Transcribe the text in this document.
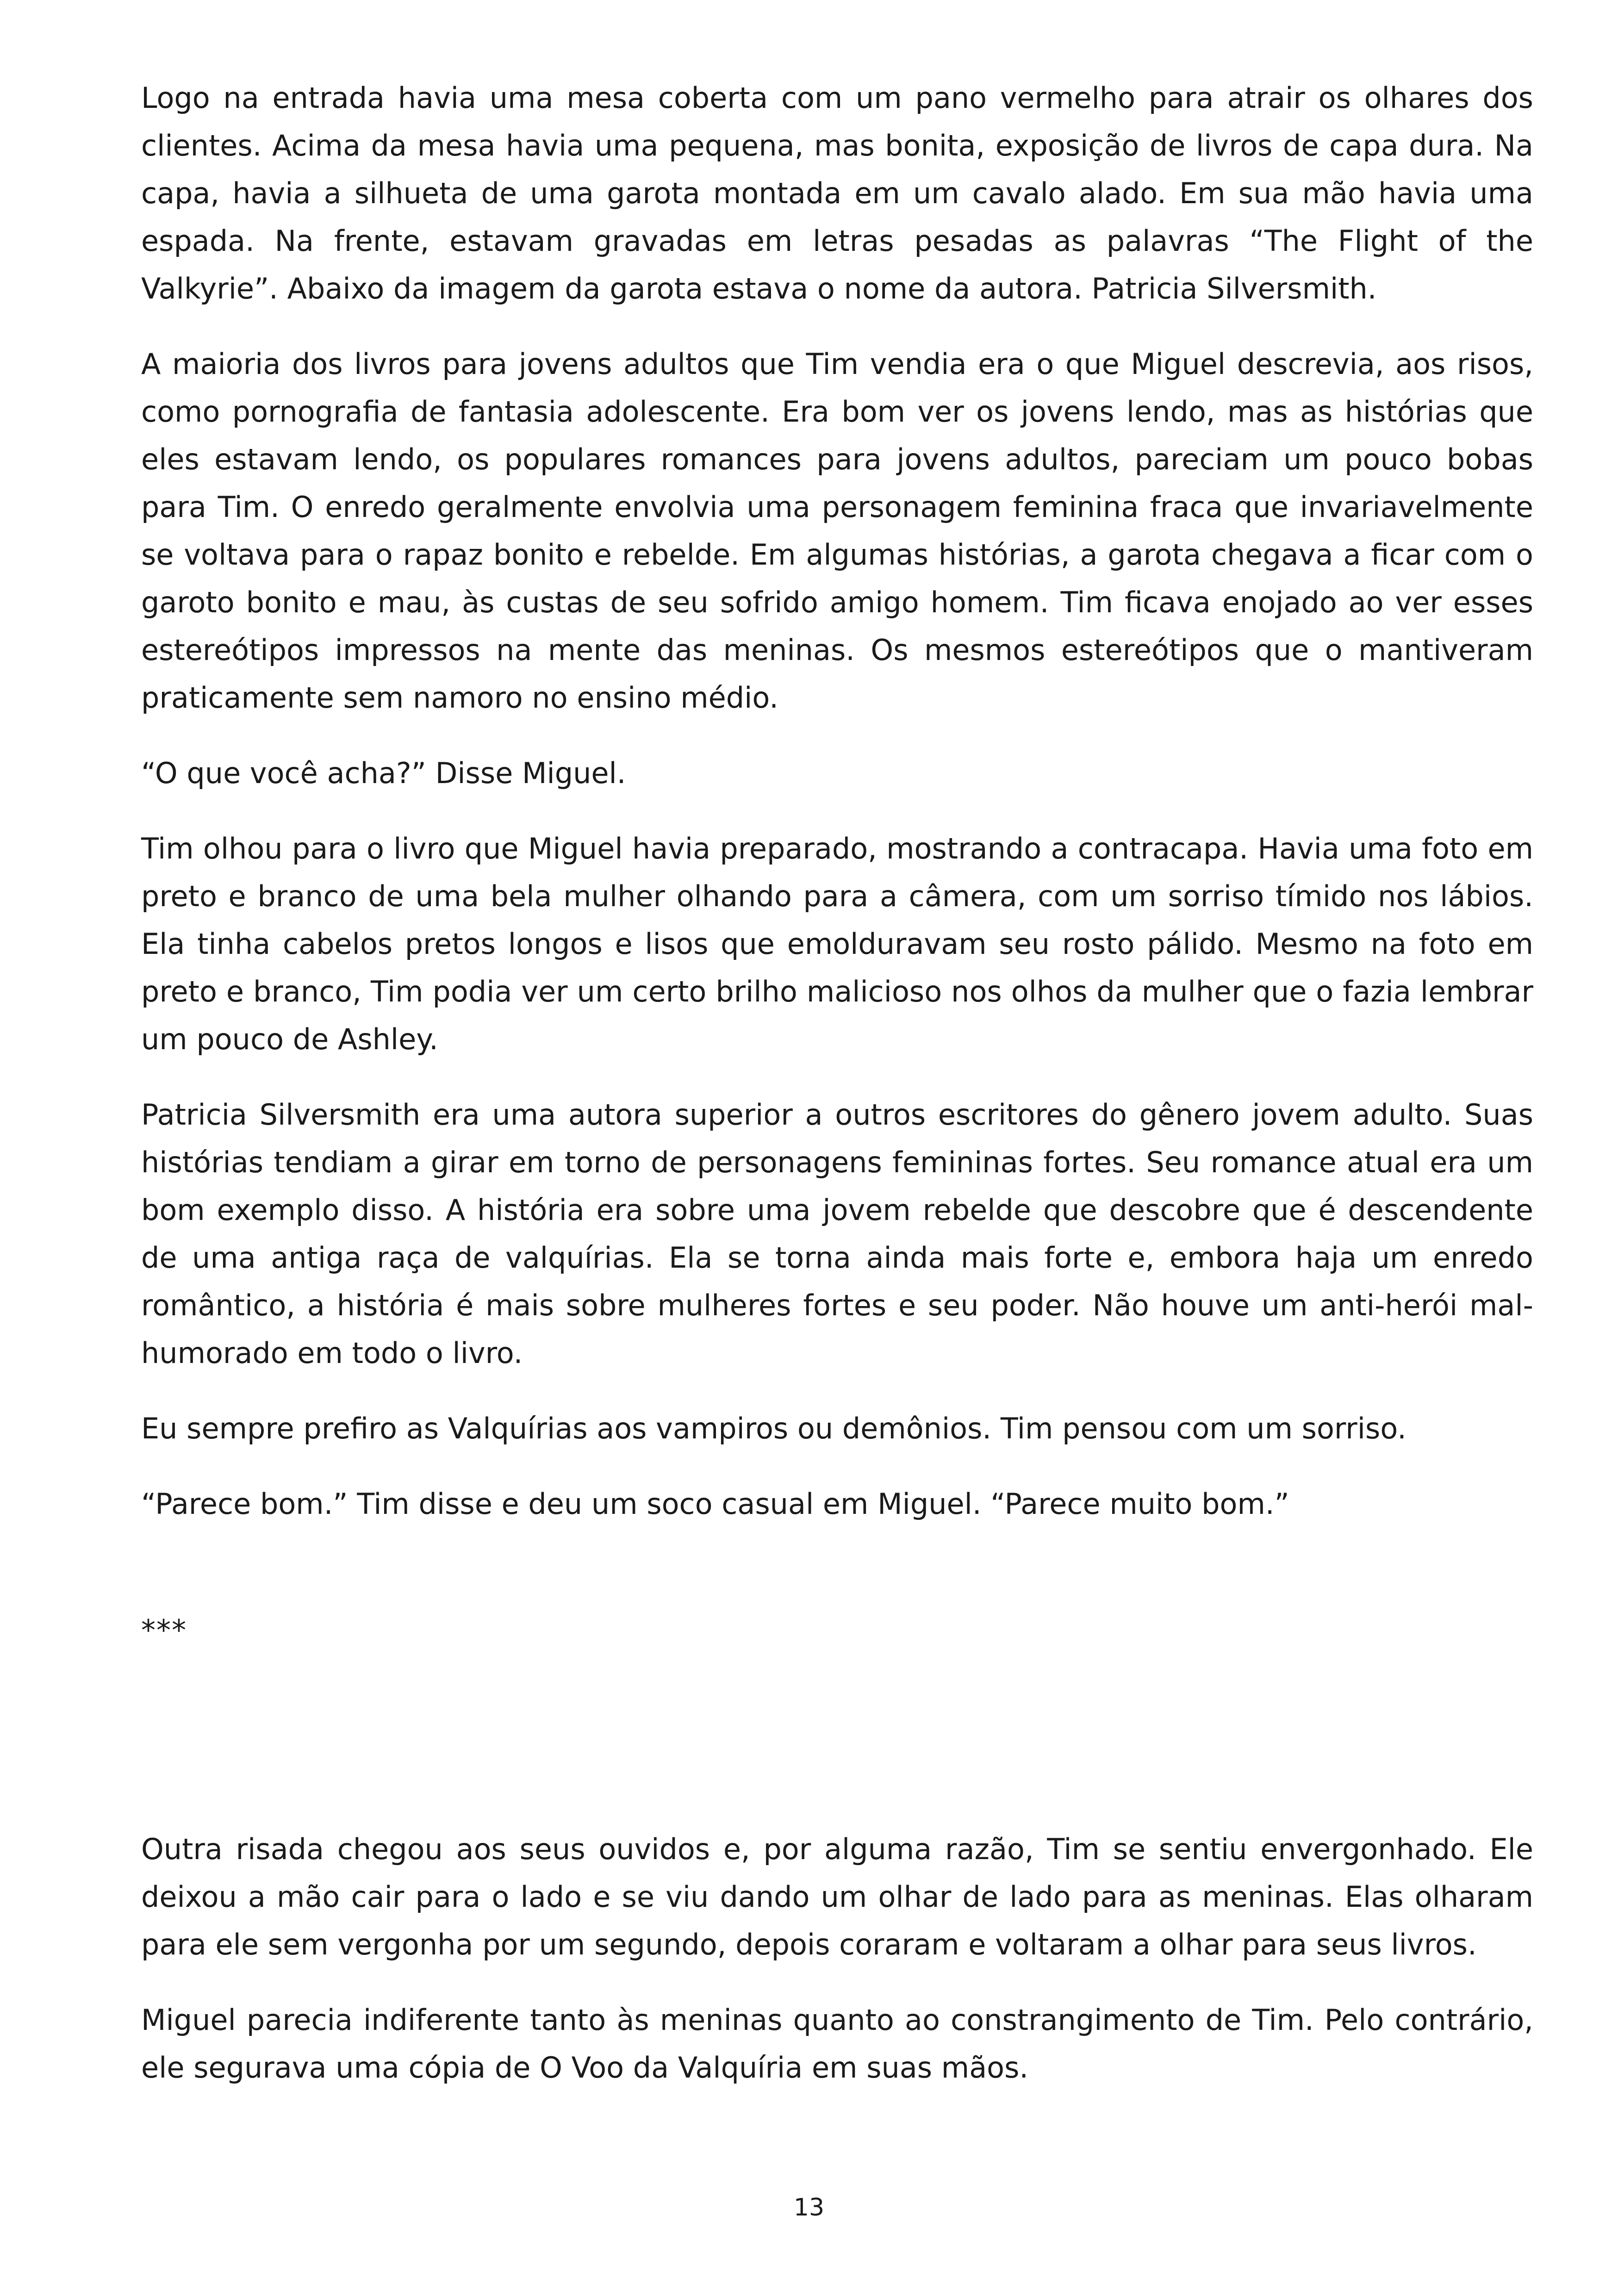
Logo na entrada havia uma mesa coberta com um pano vermelho para atrair os olhares dos clientes. Acima da mesa havia uma pequena, mas bonita, exposição de livros de capa dura. Na capa, havia a silhueta de uma garota montada em um cavalo alado. Em sua mão havia uma espada. Na frente, estavam gravadas em letras pesadas as palavras “The Flight of the Valkyrie”. Abaixo da imagem da garota estava o nome da autora. Patricia Silversmith.

A maioria dos livros para jovens adultos que Tim vendia era o que Miguel descrevia, aos risos, como pornografia de fantasia adolescente. Era bom ver os jovens lendo, mas as histórias que eles estavam lendo, os populares romances para jovens adultos, pareciam um pouco bobas para Tim. O enredo geralmente envolvia uma personagem feminina fraca que invariavelmente se voltava para o rapaz bonito e rebelde. Em algumas histórias, a garota chegava a ficar com o garoto bonito e mau, às custas de seu sofrido amigo homem. Tim ficava enojado ao ver esses estereótipos impressos na mente das meninas. Os mesmos estereótipos que o mantiveram praticamente sem namoro no ensino médio.

“O que você acha?” Disse Miguel.

Tim olhou para o livro que Miguel havia preparado, mostrando a contracapa. Havia uma foto em preto e branco de uma bela mulher olhando para a câmera, com um sorriso tímido nos lábios. Ela tinha cabelos pretos longos e lisos que emolduravam seu rosto pálido. Mesmo na foto em preto e branco, Tim podia ver um certo brilho malicioso nos olhos da mulher que o fazia lembrar um pouco de Ashley.

Patricia Silversmith era uma autora superior a outros escritores do gênero jovem adulto. Suas histórias tendiam a girar em torno de personagens femininas fortes. Seu romance atual era um bom exemplo disso. A história era sobre uma jovem rebelde que descobre que é descendente de uma antiga raça de valquírias. Ela se torna ainda mais forte e, embora haja um enredo romântico, a história é mais sobre mulheres fortes e seu poder. Não houve um anti-herói mal-humorado em todo o livro.

Eu sempre prefiro as Valquírias aos vampiros ou demônios. Tim pensou com um sorriso.

“Parece bom.” Tim disse e deu um soco casual em Miguel. “Parece muito bom.”

***

Outra risada chegou aos seus ouvidos e, por alguma razão, Tim se sentiu envergonhado. Ele deixou a mão cair para o lado e se viu dando um olhar de lado para as meninas. Elas olharam para ele sem vergonha por um segundo, depois coraram e voltaram a olhar para seus livros.

Miguel parecia indiferente tanto às meninas quanto ao constrangimento de Tim. Pelo contrário, ele segurava uma cópia de O Voo da Valquíria em suas mãos.

13
